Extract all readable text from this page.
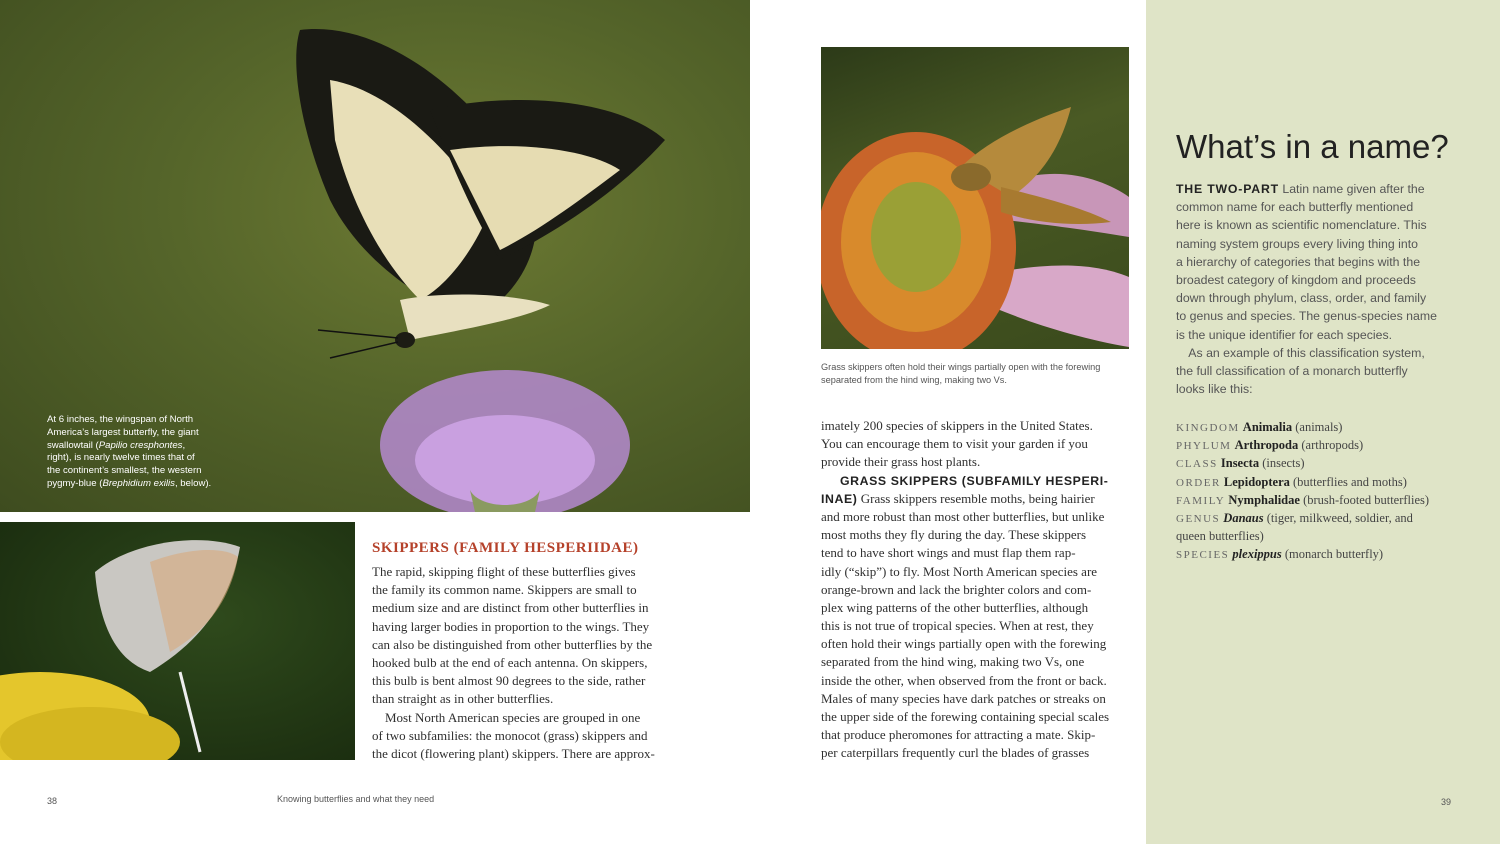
At 6 inches, the wingspan of North
America’s largest butterfly, the giant
swallowtail (Papilio cresphontes,
right), is nearly twelve times that of
the continent’s smallest, the western
pygmy-blue (Brephidium exilis, below).
SKIPPERS (FAMILY HESPERIIDAE)
The rapid, skipping flight of these butterflies gives
the family its common name. Skippers are small to
medium size and are distinct from other butterflies in
having larger bodies in proportion to the wings. They
can also be distinguished from other butterflies by the
hooked bulb at the end of each antenna. On skippers,
this bulb is bent almost 90 degrees to the side, rather
than straight as in other butterflies.
 Most North American species are grouped in one
of two subfamilies: the monocot (grass) skippers and
the dicot (flowering plant) skippers. There are approx-
38	Knowing butterflies and what they need
Grass skippers often hold their wings partially open with the forewing
separated from the hind wing, making two Vs.
imately 200 species of skippers in the United States.
You can encourage them to visit your garden if you
provide their grass host plants.
GRASS SKIPPERS (SUBFAMILY HESPERI-
INAE) Grass skippers resemble moths, being hairier
and more robust than most other butterflies, but unlike
most moths they fly during the day. These skippers
tend to have short wings and must flap them rap-
idly (“skip”) to fly. Most North American species are
orange-brown and lack the brighter colors and com-
plex wing patterns of the other butterflies, although
this is not true of tropical species. When at rest, they
often hold their wings partially open with the forewing
separated from the hind wing, making two Vs, one
inside the other, when observed from the front or back.
Males of many species have dark patches or streaks on
the upper side of the forewing containing special scales
that produce pheromones for attracting a mate. Skip-
per caterpillars frequently curl the blades of grasses
What’s in a name?
THE TWO-PART Latin name given after the
common name for each butterfly mentioned
here is known as scientific nomenclature. This
naming system groups every living thing into
a hierarchy of categories that begins with the
broadest category of kingdom and proceeds
down through phylum, class, order, and family
to genus and species. The genus-species name
is the unique identifier for each species.
 As an example of this classification system,
the full classification of a monarch butterfly
looks like this:
KINGDOM Animalia (animals)
PHYLUM Arthropoda (arthropods)
CLASS Insecta (insects)
ORDER Lepidoptera (butterflies and moths)
FAMILY Nymphalidae (brush-footed butterflies)
GENUS Danaus (tiger, milkweed, soldier, and
queen butterflies)
SPECIES plexippus (monarch butterfly)
39
